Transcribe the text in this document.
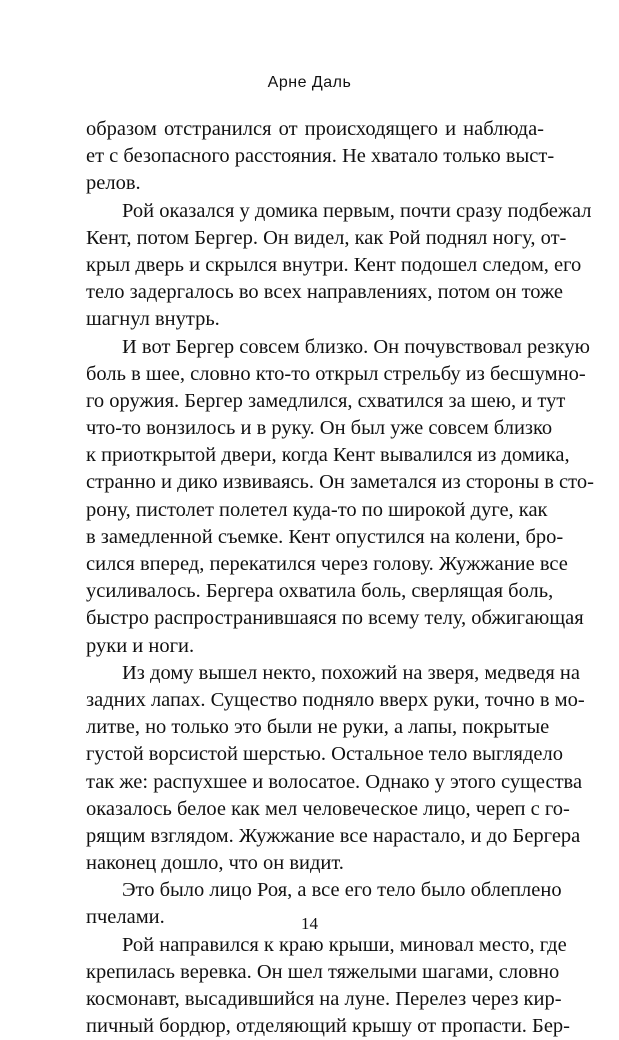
Арне Даль
образом отстранился от происходящего и наблюда-
ет с безопасного расстояния. Не хватало только выст-
релов.
Рой оказался у домика первым, почти сразу подбежал
Кент, потом Бергер. Он видел, как Рой поднял ногу, от-
крыл дверь и скрылся внутри. Кент подошел следом, его
тело задергалось во всех направлениях, потом он тоже
шагнул внутрь.
И вот Бергер совсем близко. Он почувствовал резкую
боль в шее, словно кто-то открыл стрельбу из бесшумно-
го оружия. Бергер замедлился, схватился за шею, и тут
что-то вонзилось и в руку. Он был уже совсем близко
к приоткрытой двери, когда Кент вывалился из домика,
странно и дико извиваясь. Он заметался из стороны в сто-
рону, пистолет полетел куда-то по широкой дуге, как
в замедленной съемке. Кент опустился на колени, бро-
сился вперед, перекатился через голову. Жужжание все
усиливалось. Бергера охватила боль, сверлящая боль,
быстро распространившаяся по всему телу, обжигающая
руки и ноги.
Из дому вышел некто, похожий на зверя, медведя на
задних лапах. Существо подняло вверх руки, точно в мо-
литве, но только это были не руки, а лапы, покрытые
густой ворсистой шерстью. Остальное тело выглядело
так же: распухшее и волосатое. Однако у этого существа
оказалось белое как мел человеческое лицо, череп с го-
рящим взглядом. Жужжание все нарастало, и до Бергера
наконец дошло, что он видит.
Это было лицо Роя, а все его тело было облеплено
пчелами.
Рой направился к краю крыши, миновал место, где
крепилась веревка. Он шел тяжелыми шагами, словно
космонавт, высадившийся на луне. Перелез через кир-
пичный бордюр, отделяющий крышу от пропасти. Бер-
14
